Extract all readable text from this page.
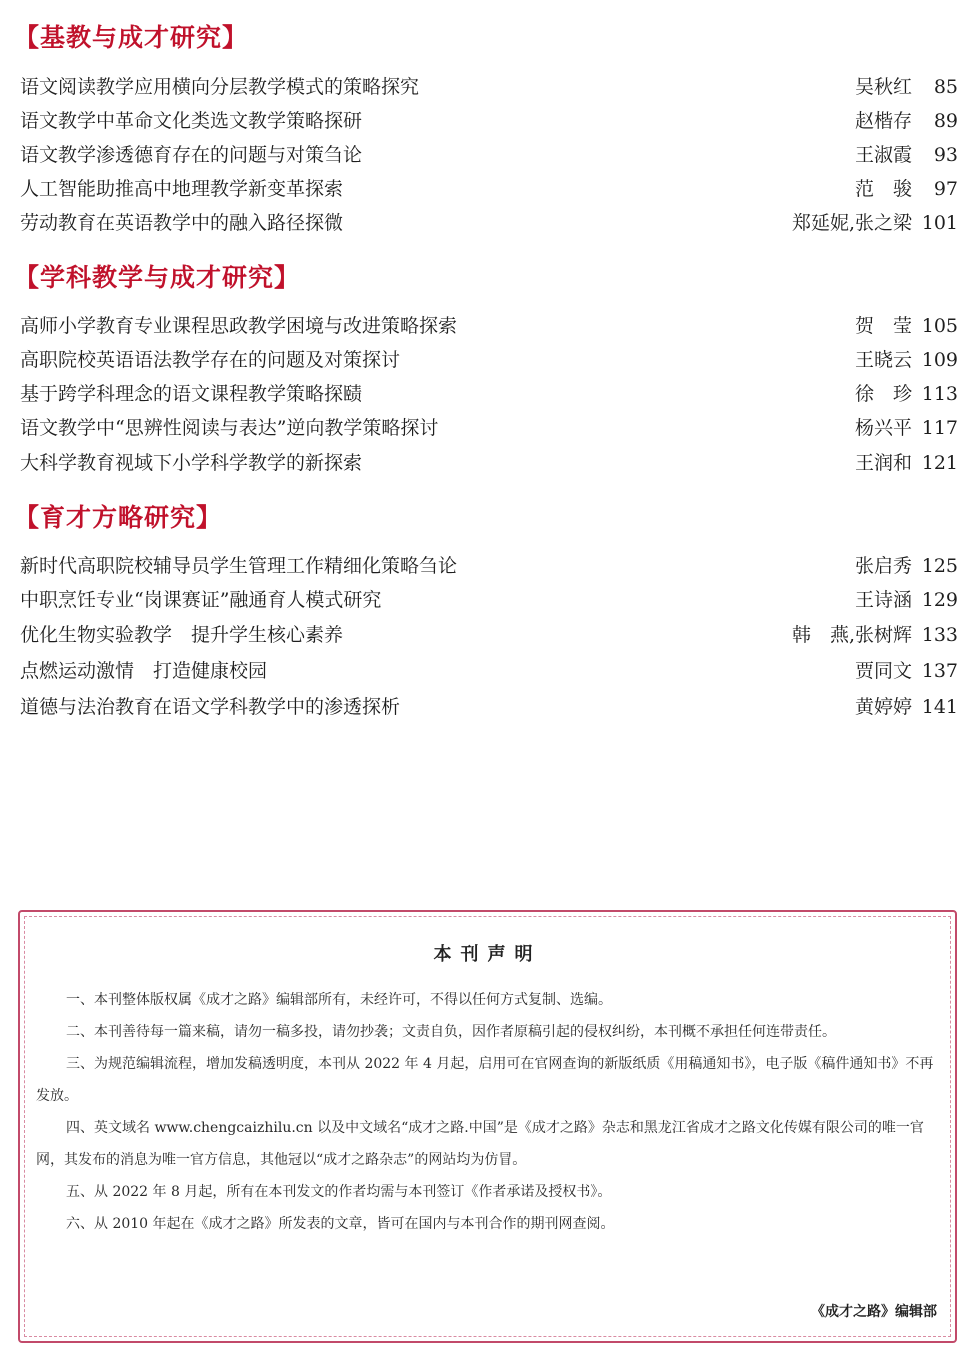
【基教与成才研究】
语文阅读教学应用横向分层教学模式的策略探究	吴秋红	85
语文教学中革命文化类选文教学策略探研	赵楷存	89
语文教学渗透德育存在的问题与对策刍论	王淑霞	93
人工智能助推高中地理教学新变革探索	范　骏	97
劳动教育在英语教学中的融入路径探微	郑延妮,张之梁 101
【学科教学与成才研究】
高师小学教育专业课程思政教学困境与改进策略探索	贺　莹 105
高职院校英语语法教学存在的问题及对策探讨	王晓云 109
基于跨学科理念的语文课程教学策略探赜	徐　珍 113
语文教学中“思辨性阅读与表达”逆向教学策略探讨	杨兴平 117
大科学教育视域下小学科学教学的新探索	王润和 121
【育才方略研究】
新时代高职院校辅导员学生管理工作精细化策略刍论	张启秀 125
中职烹饪专业“岗课赛证”融通育人模式研究	王诗涵 129
优化生物实验教学　提升学生核心素养	韩　燕,张树辉 133
点燃运动激情　打造健康校园	贾同文 137
道德与法治教育在语文学科教学中的渗透探析	黄婷婷 141
本刊声明

一、本刊整体版权属《成才之路》编辑部所有，未经许可，不得以任何方式复制、选编。

二、本刊善待每一篇来稿，请勿一稿多投，请勿抄袭；文责自负，因作者原稿引起的侵权纠纷，本刊概不承担任何连带责任。

三、为规范编辑流程，增加发稿透明度，本刊从 2022 年 4 月起，启用可在官网查询的新版纸质《用稿通知书》，电子版《稿件通知书》不再发放。

四、英文域名 www.chengcaizhilu.cn 以及中文域名“成才之路.中国”是《成才之路》杂志和黑龙江省成才之路文化传媒有限公司的唯一官网，其发布的消息为唯一官方信息，其他冠以“成才之路杂志”的网站均为仿冒。

五、从 2022 年 8 月起，所有在本刊发文的作者均需与本刊签订《作者承诺及授权书》。

六、从 2010 年起在《成才之路》所发表的文章，皆可在国内与本刊合作的期刊网查阅。

《成才之路》编辑部
